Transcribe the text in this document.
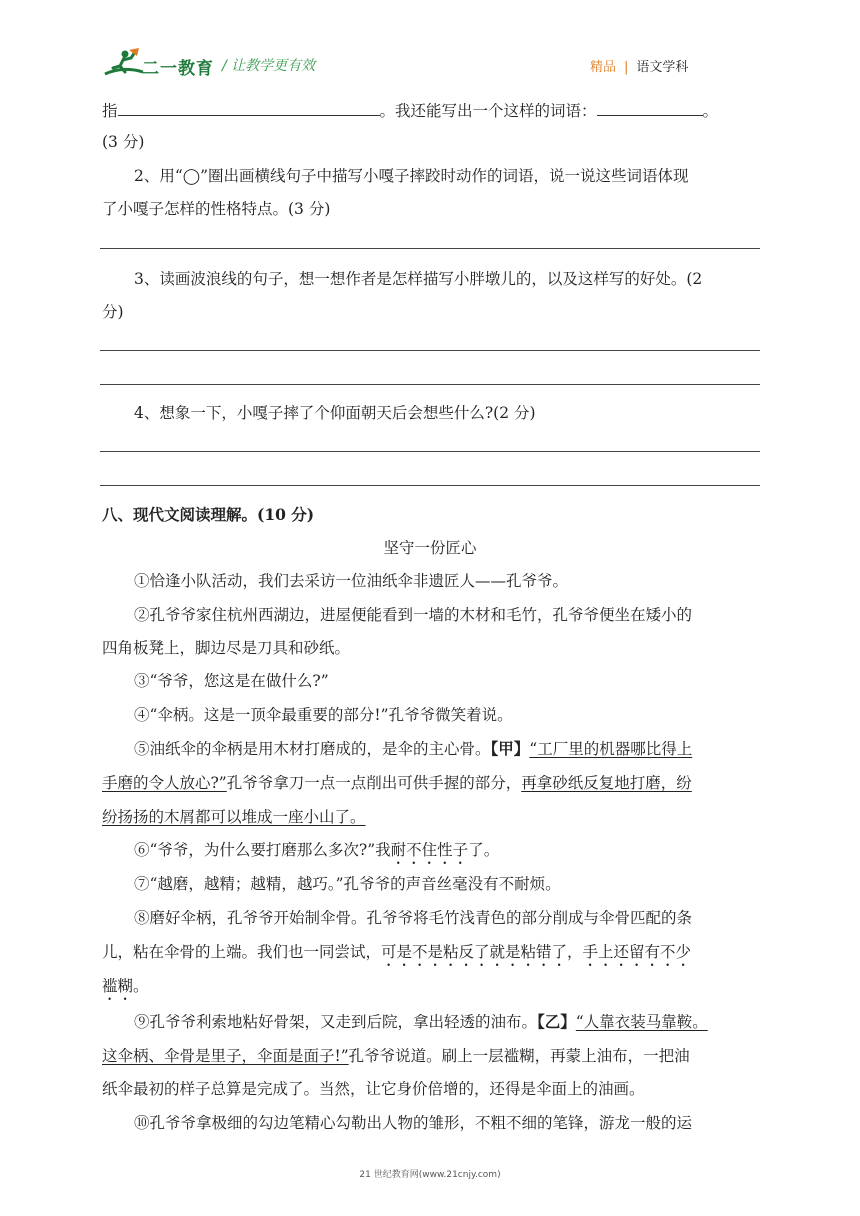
二一教育 / 让教学更有效	精品 | 语文学科
指	。我还能写出一个这样的词语：	。
(3 分)
2、用“◯”圈出画横线句子中描写小嘎子摔跤时动作的词语，说一说这些词语体现
了小嘎子怎样的性格特点。(3 分)
3、读画波浪线的句子，想一想作者是怎样描写小胖墩儿的，以及这样写的好处。(2
分)
4、想象一下，小嘎子摔了个仰面朝天后会想些什么?(2 分)
八、现代文阅读理解。(10 分)
坚守一份匠心
①恰逢小队活动，我们去采访一位油纸伞非遗匠人——孔爷爷。
②孔爷爷家住杭州西湖边，进屋便能看到一墙的木材和毛竹，孔爷爷便坐在矮小的
四角板凳上，脚边尽是刀具和砂纸。
③“爷爷，您这是在做什么?”
④“伞柄。这是一顶伞最重要的部分!”孔爷爷微笑着说。
⑤油纸伞的伞柄是用木材打磨成的，是伞的主心骨。【甲】“工厂里的机器哪比得上
手磨的令人放心?”孔爷爷拿刀一点一点削出可供手握的部分，再拿砂纸反复地打磨，纷
纷扬扬的木屑都可以堆成一座小山了。
⑥“爷爷，为什么要打磨那么多次?”我耐不住性子了。
⑦“越磨，越精；越精，越巧。”孔爷爷的声音丝毫没有不耐烦。
⑧磨好伞柄，孔爷爷开始制伞骨。孔爷爷将毛竹浅青色的部分削成与伞骨匹配的条
儿，粘在伞骨的上端。我们也一同尝试，可是不是粘反了就是粘错了，手上还留有不少
褴糊。
⑨孔爷爷利索地粘好骨架，又走到后院，拿出轻透的油布。【乙】“人靠衣装马靠鞍。
这伞柄、伞骨是里子，伞面是面子!”孔爷爷说道。刷上一层褴糊，再蒙上油布，一把油
纸伞最初的样子总算是完成了。当然，让它身价倍增的，还得是伞面上的油画。
⑩孔爷爷拿极细的勾边笔精心勾勒出人物的雏形，不粗不细的笔锋，游龙一般的运
21 世纪教育网(www.21cnjy.com)
